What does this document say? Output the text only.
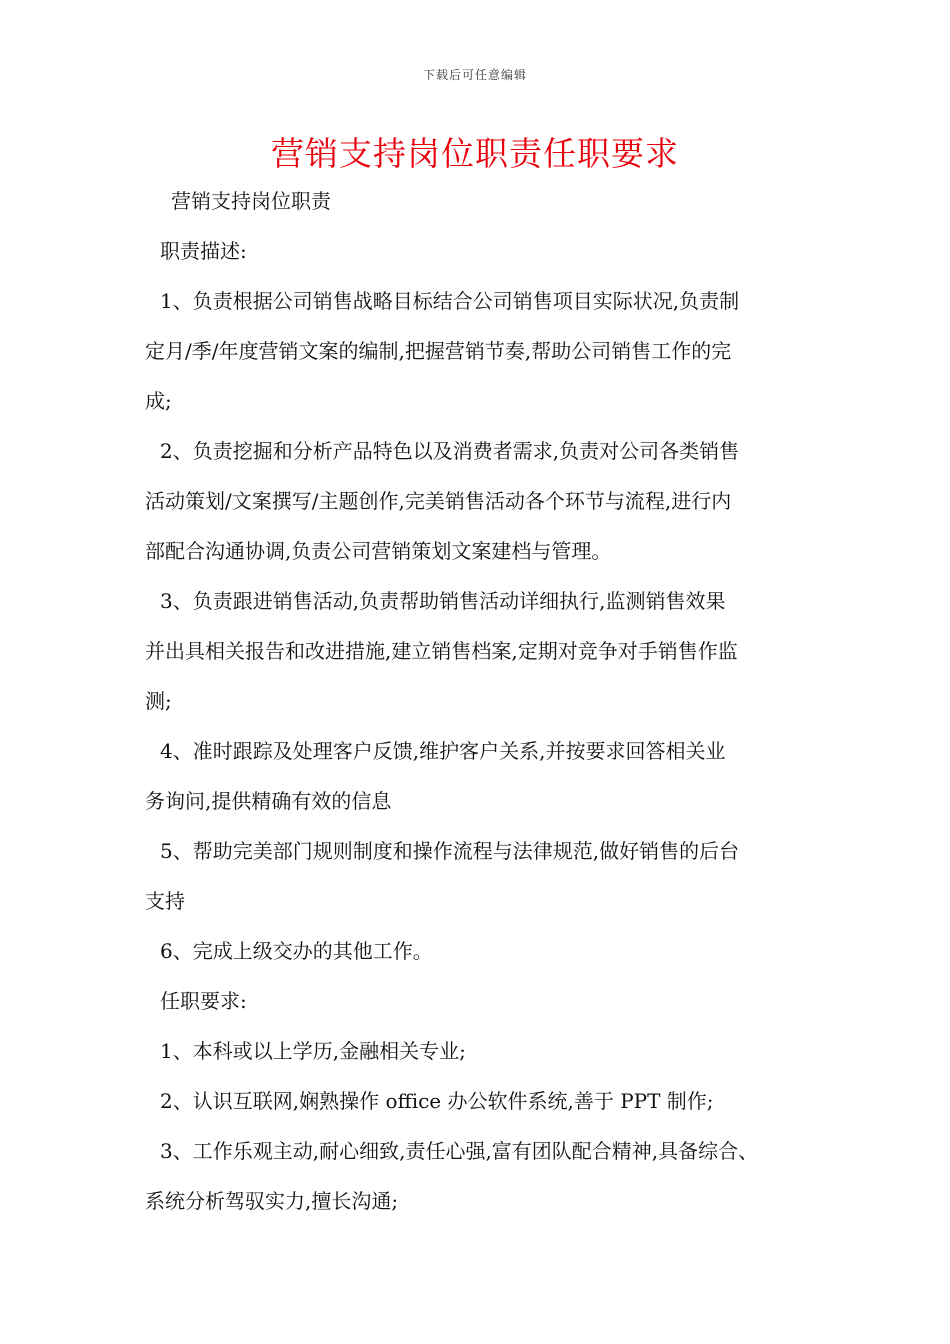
下载后可任意编辑
营销支持岗位职责任职要求
营销支持岗位职责
职责描述:
1、负责根据公司销售战略目标结合公司销售项目实际状况,负责制
定月/季/年度营销文案的编制,把握营销节奏,帮助公司销售工作的完
成;
2、负责挖掘和分析产品特色以及消费者需求,负责对公司各类销售
活动策划/文案撰写/主题创作,完美销售活动各个环节与流程,进行内
部配合沟通协调,负责公司营销策划文案建档与管理。
3、负责跟进销售活动,负责帮助销售活动详细执行,监测销售效果
并出具相关报告和改进措施,建立销售档案,定期对竞争对手销售作监
测;
4、准时跟踪及处理客户反馈,维护客户关系,并按要求回答相关业
务询问,提供精确有效的信息
5、帮助完美部门规则制度和操作流程与法律规范,做好销售的后台
支持
6、完成上级交办的其他工作。
任职要求:
1、本科或以上学历,金融相关专业;
2、认识互联网,娴熟操作 office 办公软件系统,善于 PPT 制作;
3、工作乐观主动,耐心细致,责任心强,富有团队配合精神,具备综合、
系统分析驾驭实力,擅长沟通;
